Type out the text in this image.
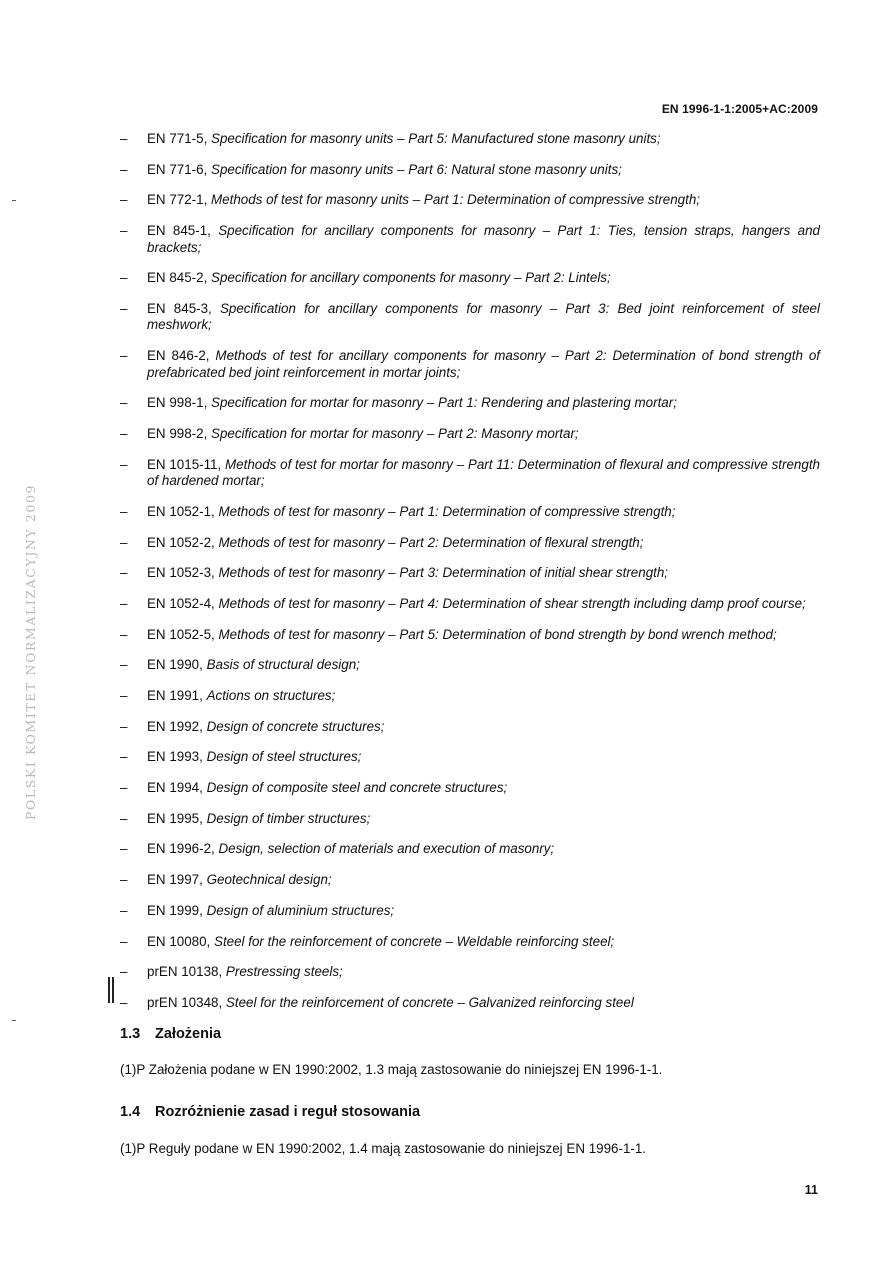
EN 1996-1-1:2005+AC:2009
POLSKI KOMITET NORMALIZACYJNY 2009
– EN 771-5, Specification for masonry units – Part 5: Manufactured stone masonry units;
– EN 771-6, Specification for masonry units – Part 6: Natural stone masonry units;
– EN 772-1, Methods of test for masonry units – Part 1: Determination of compressive strength;
– EN 845-1, Specification for ancillary components for masonry – Part 1: Ties, tension straps, hangers and brackets;
– EN 845-2, Specification for ancillary components for masonry – Part 2: Lintels;
– EN 845-3, Specification for ancillary components for masonry – Part 3: Bed joint reinforcement of steel meshwork;
– EN 846-2, Methods of test for ancillary components for masonry – Part 2: Determination of bond strength of prefabricated bed joint reinforcement in mortar joints;
– EN 998-1, Specification for mortar for masonry – Part 1: Rendering and plastering mortar;
– EN 998-2, Specification for mortar for masonry – Part 2: Masonry mortar;
– EN 1015-11, Methods of test for mortar for masonry – Part 11: Determination of flexural and compressive strength of hardened mortar;
– EN 1052-1, Methods of test for masonry – Part 1: Determination of compressive strength;
– EN 1052-2, Methods of test for masonry – Part 2: Determination of flexural strength;
– EN 1052-3, Methods of test for masonry – Part 3: Determination of initial shear strength;
– EN 1052-4, Methods of test for masonry – Part 4: Determination of shear strength including damp proof course;
– EN 1052-5, Methods of test for masonry – Part 5: Determination of bond strength by bond wrench method;
– EN 1990, Basis of structural design;
– EN 1991, Actions on structures;
– EN 1992, Design of concrete structures;
– EN 1993, Design of steel structures;
– EN 1994, Design of composite steel and concrete structures;
– EN 1995, Design of timber structures;
– EN 1996-2, Design, selection of materials and execution of masonry;
– EN 1997, Geotechnical design;
– EN 1999, Design of aluminium structures;
– EN 10080, Steel for the reinforcement of concrete – Weldable reinforcing steel;
– prEN 10138, Prestressing steels;
– prEN 10348, Steel for the reinforcement of concrete – Galvanized reinforcing steel
1.3 Założenia
(1)P Założenia podane w EN 1990:2002, 1.3 mają zastosowanie do niniejszej EN 1996-1-1.
1.4 Rozróżnienie zasad i reguł stosowania
(1)P Reguły podane w EN 1990:2002, 1.4 mają zastosowanie do niniejszej EN 1996-1-1.
11
